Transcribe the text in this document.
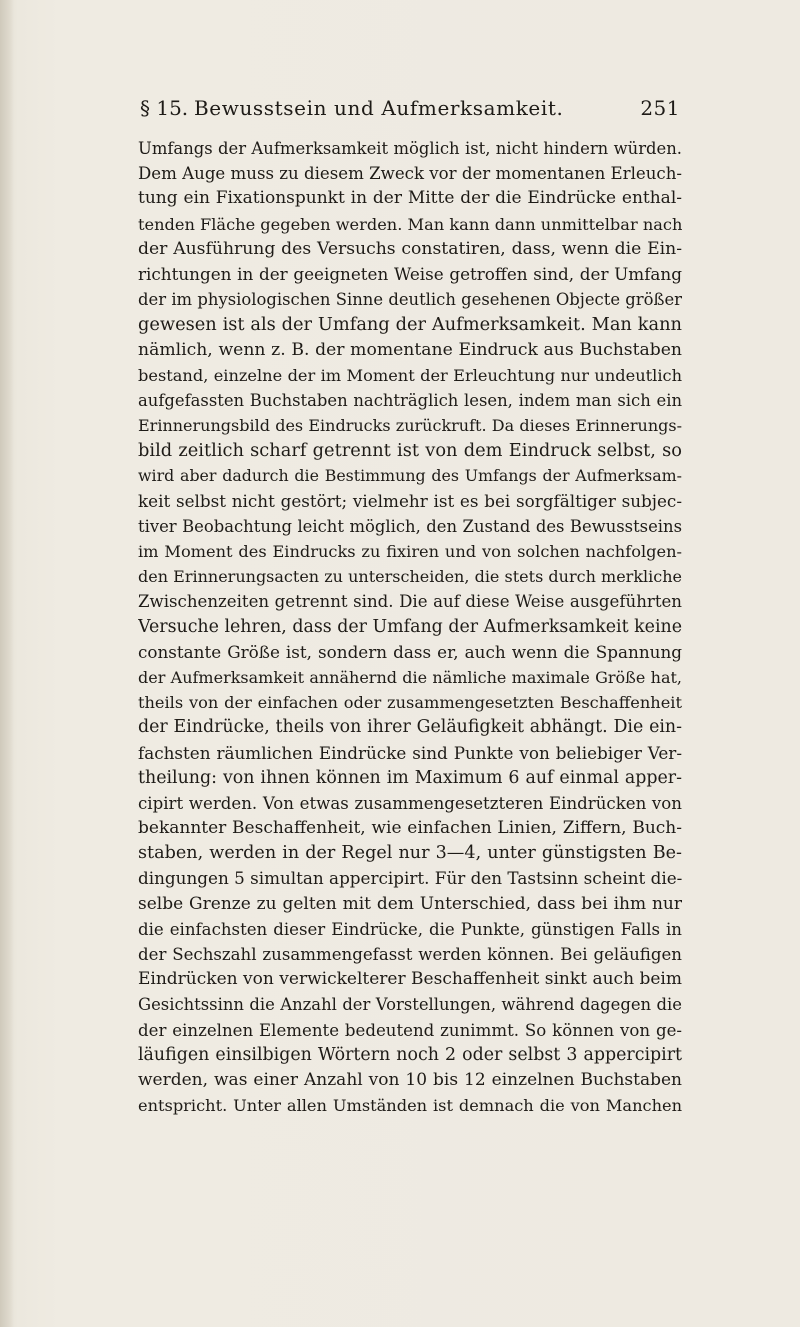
§ 15. Bewusstsein und Aufmerksamkeit.	251
Umfangs der Aufmerksamkeit möglich ist, nicht hindern würden.
Dem Auge muss zu diesem Zweck vor der momentanen Erleuch-
tung ein Fixationspunkt in der Mitte der die Eindrücke enthal-
tenden Fläche gegeben werden. Man kann dann unmittelbar nach
der Ausführung des Versuchs constatiren, dass, wenn die Ein-
richtungen in der geeigneten Weise getroffen sind, der Umfang
der im physiologischen Sinne deutlich gesehenen Objecte größer
gewesen ist als der Umfang der Aufmerksamkeit. Man kann
nämlich, wenn z. B. der momentane Eindruck aus Buchstaben
bestand, einzelne der im Moment der Erleuchtung nur undeutlich
aufgefassten Buchstaben nachträglich lesen, indem man sich ein
Erinnerungsbild des Eindrucks zurückruft. Da dieses Erinnerungs-
bild zeitlich scharf getrennt ist von dem Eindruck selbst, so
wird aber dadurch die Bestimmung des Umfangs der Aufmerksam-
keit selbst nicht gestört; vielmehr ist es bei sorgfältiger subjec-
tiver Beobachtung leicht möglich, den Zustand des Bewusstseins
im Moment des Eindrucks zu fixiren und von solchen nachfolgen-
den Erinnerungsacten zu unterscheiden, die stets durch merkliche
Zwischenzeiten getrennt sind. Die auf diese Weise ausgeführten
Versuche lehren, dass der Umfang der Aufmerksamkeit keine
constante Größe ist, sondern dass er, auch wenn die Spannung
der Aufmerksamkeit annähernd die nämliche maximale Größe hat,
theils von der einfachen oder zusammengesetzten Beschaffenheit
der Eindrücke, theils von ihrer Geläufigkeit abhängt. Die ein-
fachsten räumlichen Eindrücke sind Punkte von beliebiger Ver-
theilung: von ihnen können im Maximum 6 auf einmal apper-
cipirt werden. Von etwas zusammengesetzteren Eindrücken von
bekannter Beschaffenheit, wie einfachen Linien, Ziffern, Buch-
staben, werden in der Regel nur 3—4, unter günstigsten Be-
dingungen 5 simultan appercipirt. Für den Tastsinn scheint die-
selbe Grenze zu gelten mit dem Unterschied, dass bei ihm nur
die einfachsten dieser Eindrücke, die Punkte, günstigen Falls in
der Sechszahl zusammengefasst werden können. Bei geläufigen
Eindrücken von verwickelterer Beschaffenheit sinkt auch beim
Gesichtssinn die Anzahl der Vorstellungen, während dagegen die
der einzelnen Elemente bedeutend zunimmt. So können von ge-
läufigen einsilbigen Wörtern noch 2 oder selbst 3 appercipirt
werden, was einer Anzahl von 10 bis 12 einzelnen Buchstaben
entspricht. Unter allen Umständen ist demnach die von Manchen
